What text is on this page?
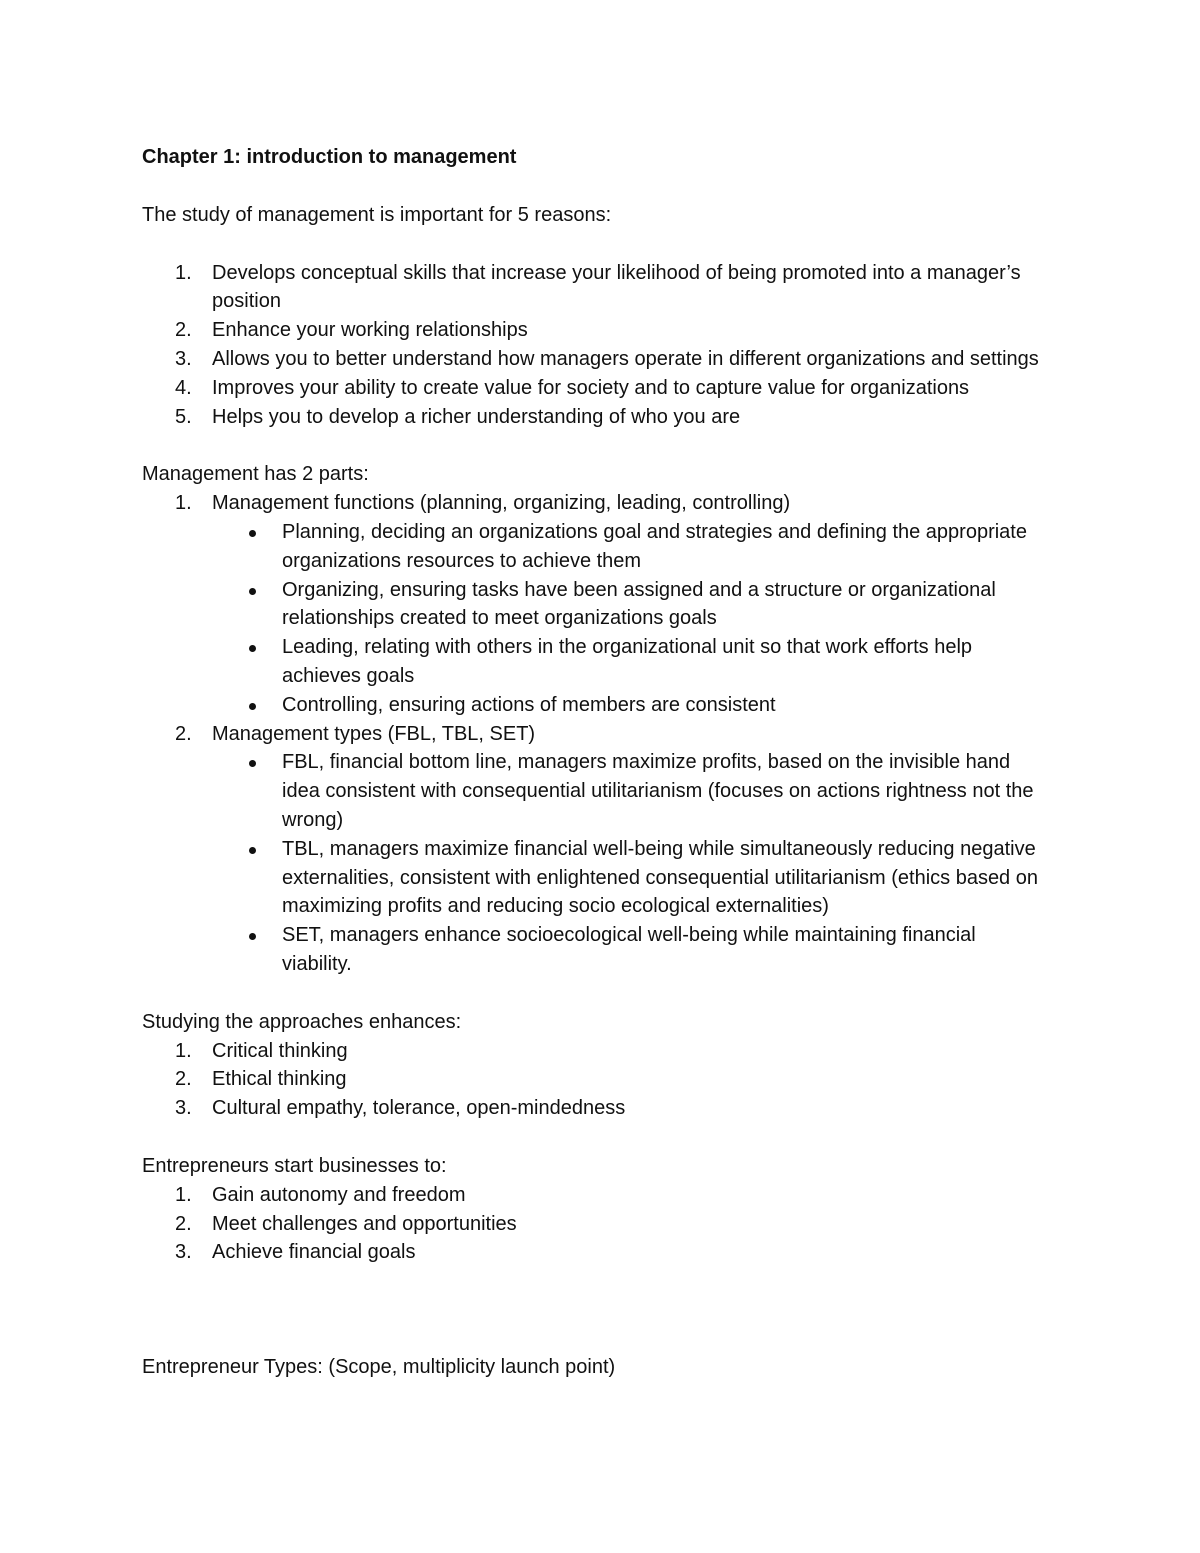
Chapter 1: introduction to management

The study of management is important for 5 reasons:

1. Develops conceptual skills that increase your likelihood of being promoted into a manager’s position
2. Enhance your working relationships
3. Allows you to better understand how managers operate in different organizations and settings
4. Improves your ability to create value for society and to capture value for organizations
5. Helps you to develop a richer understanding of who you are

Management has 2 parts:

1. Management functions (planning, organizing, leading, controlling)
Planning, deciding an organizations goal and strategies and defining the appropriate organizations resources to achieve them
Organizing, ensuring tasks have been assigned and a structure or organizational relationships created to meet organizations goals
Leading, relating with others in the organizational unit so that work efforts help achieves goals
Controlling, ensuring actions of members are consistent
2. Management types (FBL, TBL, SET)
FBL, financial bottom line, managers maximize profits, based on the invisible hand idea consistent with consequential utilitarianism (focuses on actions rightness not the wrong)
TBL, managers maximize financial well-being while simultaneously reducing negative externalities, consistent with enlightened consequential utilitarianism (ethics based on maximizing profits and reducing socio ecological externalities)
SET, managers enhance socioecological well-being while maintaining financial viability.

Studying the approaches enhances:

1. Critical thinking
2. Ethical thinking
3. Cultural empathy, tolerance, open-mindedness

Entrepreneurs start businesses to:

1. Gain autonomy and freedom
2. Meet challenges and opportunities
3. Achieve financial goals

Entrepreneur Types: (Scope, multiplicity launch point)
